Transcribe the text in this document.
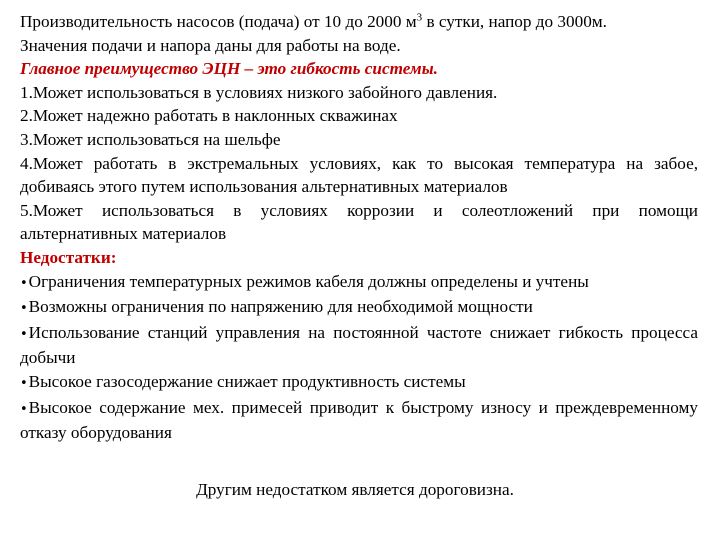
Производительность насосов (подача) от 10 до 2000 $м^3$ в сутки, напор до 3000м.
Значения подачи и напора даны для работы на воде.
Главное преимущество ЭЦН – это гибкость системы.
1.Может использоваться в условиях низкого забойного давления.
2.Может надежно работать в наклонных скважинах
3.Может использоваться на шельфе
4.Может работать в экстремальных условиях, как то высокая температура на забое, добиваясь этого путем использования альтернативных материалов
5.Может использоваться в условиях коррозии и солеотложений при помощи альтернативных материалов
Недостатки:
•Ограничения температурных режимов кабеля должны определены и учтены
•Возможны ограничения по напряжению для необходимой мощности
•Использование станций управления на постоянной частоте снижает гибкость процесса добычи
•Высокое газосодержание снижает продуктивность системы
•Высокое содержание мех. примесей приводит к быстрому износу и преждевременному отказу оборудования
Другим недостатком является дороговизна.
